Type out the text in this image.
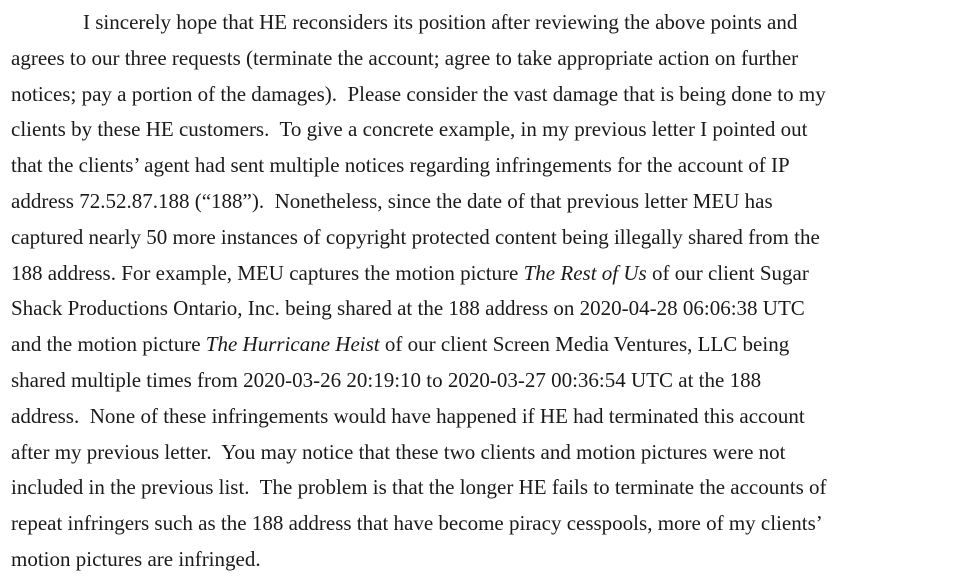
I sincerely hope that HE reconsiders its position after reviewing the above points and
agrees to our three requests (terminate the account; agree to take appropriate action on further
notices; pay a portion of the damages).  Please consider the vast damage that is being done to my
clients by these HE customers.  To give a concrete example, in my previous letter I pointed out
that the clients’ agent had sent multiple notices regarding infringements for the account of IP
address 72.52.87.188 (“188”).  Nonetheless, since the date of that previous letter MEU has
captured nearly 50 more instances of copyright protected content being illegally shared from the
188 address. For example, MEU captures the motion picture The Rest of Us of our client Sugar
Shack Productions Ontario, Inc. being shared at the 188 address on 2020-04-28 06:06:38 UTC
and the motion picture The Hurricane Heist of our client Screen Media Ventures, LLC being
shared multiple times from 2020-03-26 20:19:10 to 2020-03-27 00:36:54 UTC at the 188
address.  None of these infringements would have happened if HE had terminated this account
after my previous letter.  You may notice that these two clients and motion pictures were not
included in the previous list.  The problem is that the longer HE fails to terminate the accounts of
repeat infringers such as the 188 address that have become piracy cesspools, more of my clients’
motion pictures are infringed.
